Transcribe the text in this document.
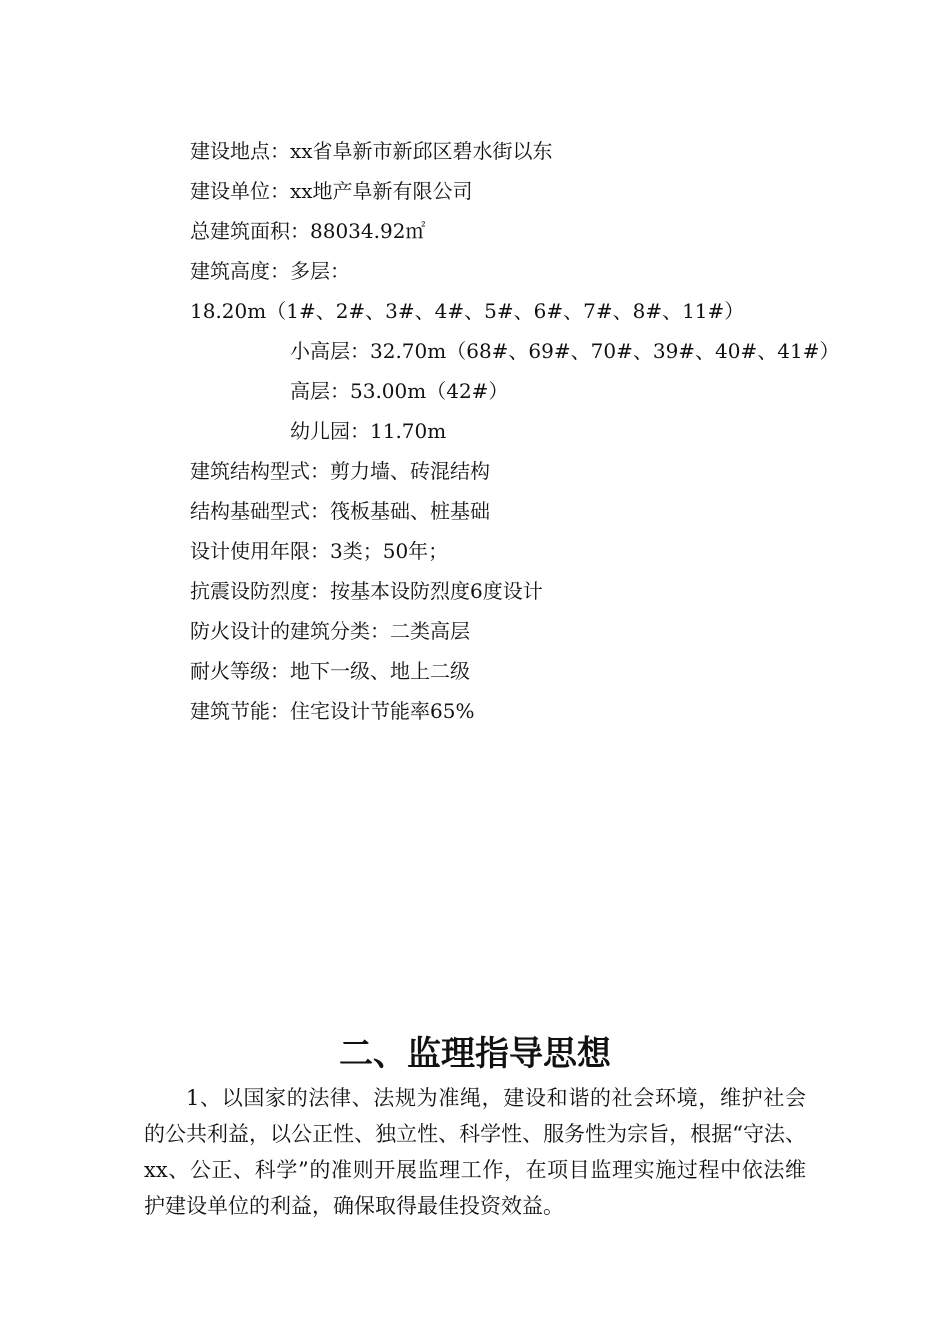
建设地点：xx省阜新市新邱区碧水街以东
建设单位：xx地产阜新有限公司
总建筑面积：88034.92㎡
建筑高度：多层：
18.20m（1#、2#、3#、4#、5#、6#、7#、8#、11#）
小高层：32.70m（68#、69#、70#、39#、40#、41#）
高层：53.00m（42#）
幼儿园：11.70m
建筑结构型式：剪力墙、砖混结构
结构基础型式：筏板基础、桩基础
设计使用年限：3类；50年；
抗震设防烈度：按基本设防烈度6度设计
防火设计的建筑分类：二类高层
耐火等级：地下一级、地上二级
建筑节能：住宅设计节能率65%
二、监理指导思想

1、以国家的法律、法规为准绳，建设和谐的社会环境，维护社会的公共利益，以公正性、独立性、科学性、服务性为宗旨，根据“守法、xx、公正、科学”的准则开展监理工作，在项目监理实施过程中依法维护建设单位的利益，确保取得最佳投资效益。
